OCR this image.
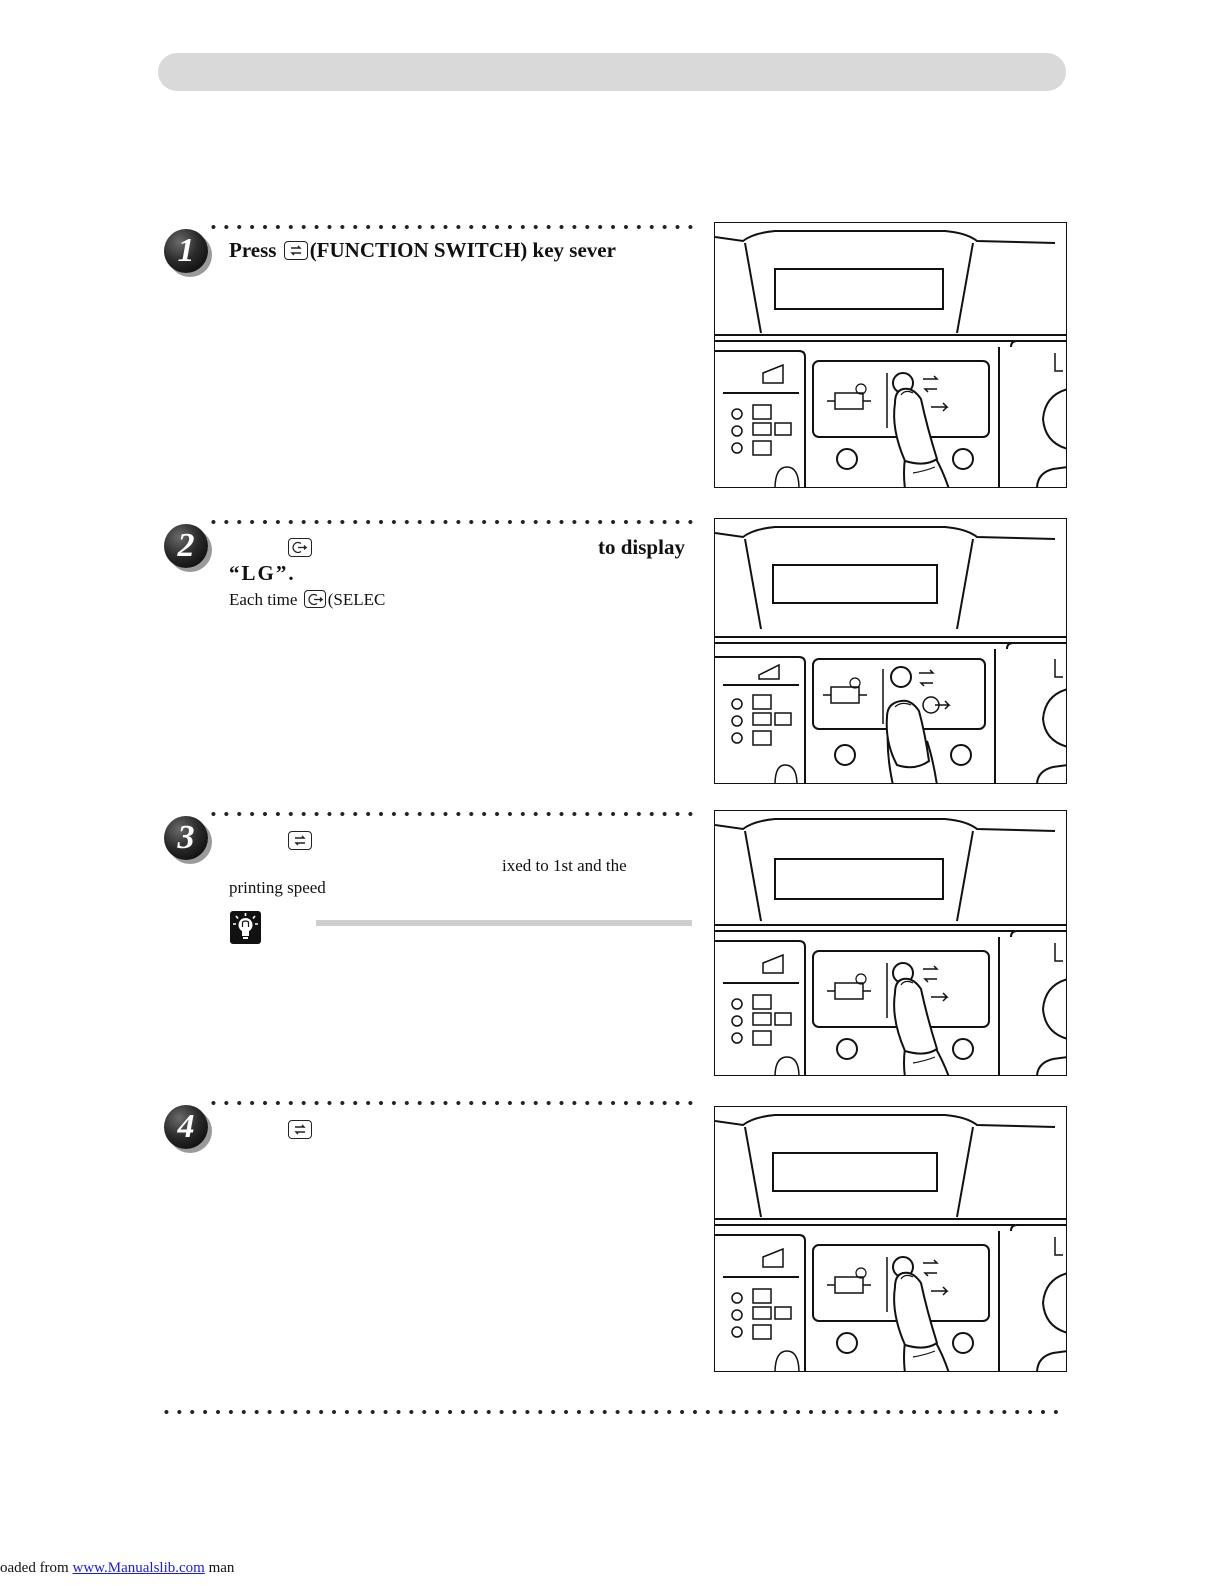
1	Press
(FUNCTION SWITCH) key sever
2	to display
“LG”.
Each time
(SELEC
3
ixed to 1st and the
printing speed
4
oaded from www.Manualslib.com man
